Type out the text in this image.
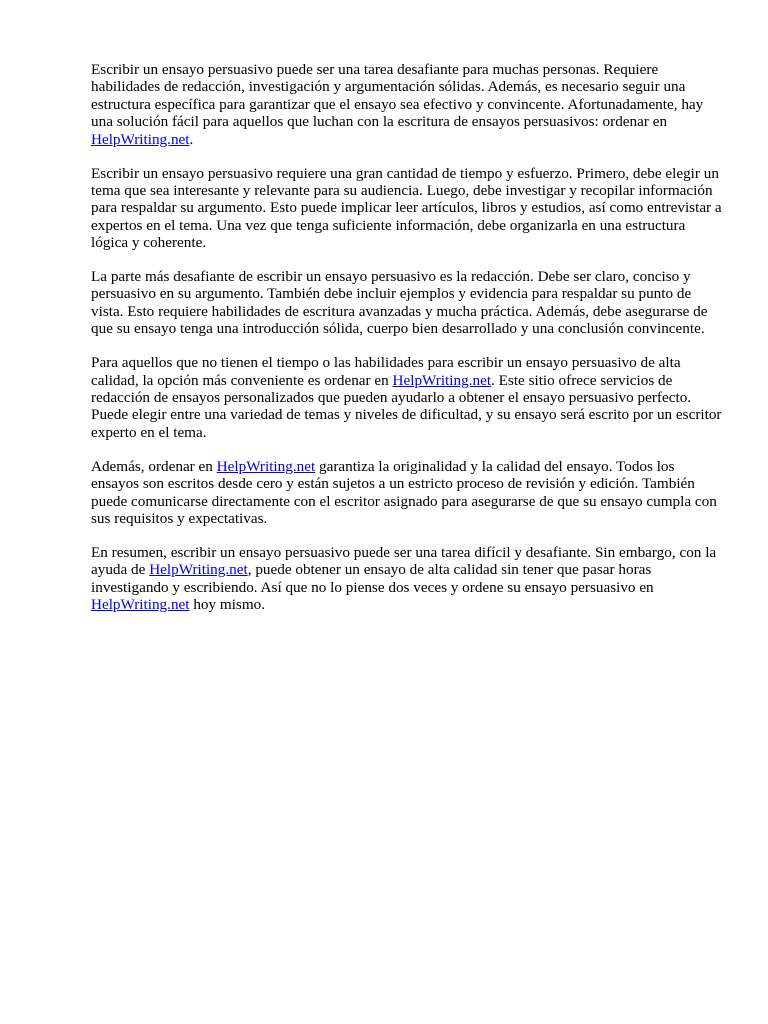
Escribir un ensayo persuasivo puede ser una tarea desafiante para muchas personas. Requiere habilidades de redacción, investigación y argumentación sólidas. Además, es necesario seguir una estructura específica para garantizar que el ensayo sea efectivo y convincente. Afortunadamente, hay una solución fácil para aquellos que luchan con la escritura de ensayos persuasivos: ordenar en HelpWriting.net.

Escribir un ensayo persuasivo requiere una gran cantidad de tiempo y esfuerzo. Primero, debe elegir un tema que sea interesante y relevante para su audiencia. Luego, debe investigar y recopilar información para respaldar su argumento. Esto puede implicar leer artículos, libros y estudios, así como entrevistar a expertos en el tema. Una vez que tenga suficiente información, debe organizarla en una estructura lógica y coherente.

La parte más desafiante de escribir un ensayo persuasivo es la redacción. Debe ser claro, conciso y persuasivo en su argumento. También debe incluir ejemplos y evidencia para respaldar su punto de vista. Esto requiere habilidades de escritura avanzadas y mucha práctica. Además, debe asegurarse de que su ensayo tenga una introducción sólida, cuerpo bien desarrollado y una conclusión convincente.

Para aquellos que no tienen el tiempo o las habilidades para escribir un ensayo persuasivo de alta calidad, la opción más conveniente es ordenar en HelpWriting.net. Este sitio ofrece servicios de redacción de ensayos personalizados que pueden ayudarlo a obtener el ensayo persuasivo perfecto. Puede elegir entre una variedad de temas y niveles de dificultad, y su ensayo será escrito por un escritor experto en el tema.

Además, ordenar en HelpWriting.net garantiza la originalidad y la calidad del ensayo. Todos los ensayos son escritos desde cero y están sujetos a un estricto proceso de revisión y edición. También puede comunicarse directamente con el escritor asignado para asegurarse de que su ensayo cumpla con sus requisitos y expectativas.

En resumen, escribir un ensayo persuasivo puede ser una tarea difícil y desafiante. Sin embargo, con la ayuda de HelpWriting.net, puede obtener un ensayo de alta calidad sin tener que pasar horas investigando y escribiendo. Así que no lo piense dos veces y ordene su ensayo persuasivo en HelpWriting.net hoy mismo.
